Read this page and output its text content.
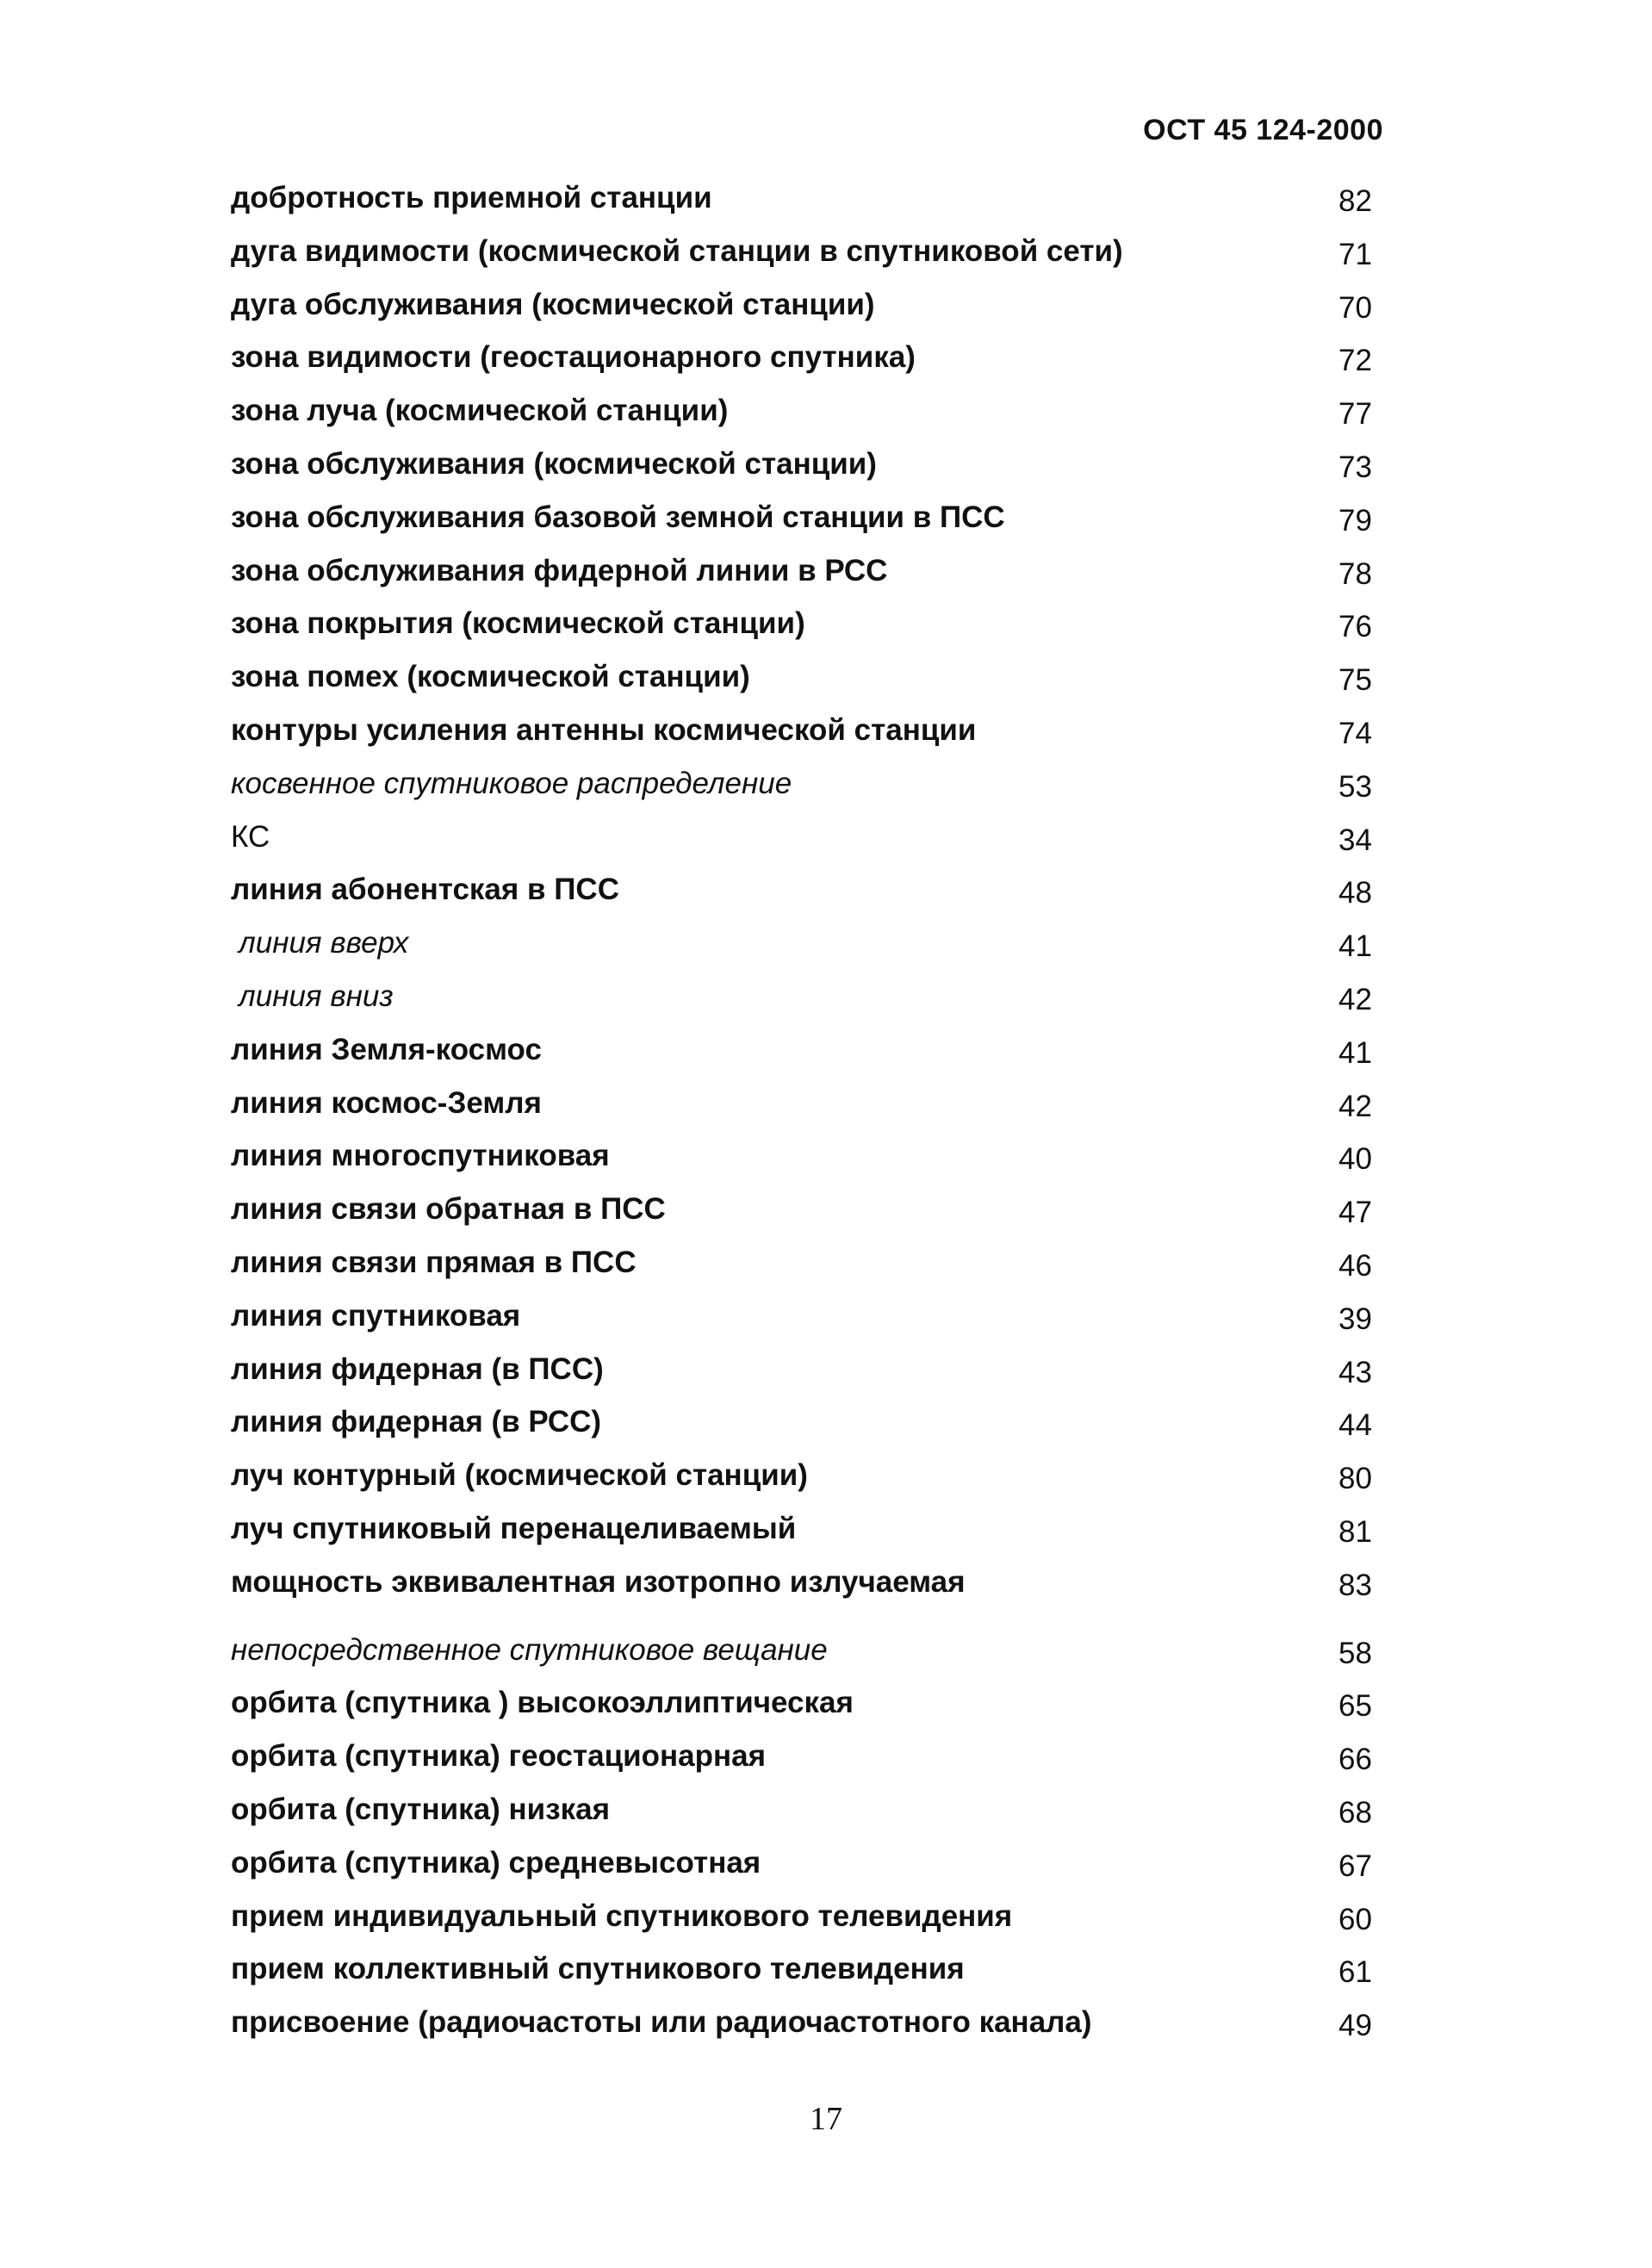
ОСТ 45 124-2000
добротность приемной станции	82
дуга видимости (космической станции в спутниковой сети)	71
дуга обслуживания (космической станции)	70
зона видимости (геостационарного спутника)	72
зона луча (космической станции)	77
зона обслуживания (космической станции)	73
зона обслуживания базовой земной станции в ПСС	79
зона обслуживания фидерной линии в РСС	78
зона покрытия (космической станции)	76
зона помех (космической станции)	75
контуры усиления антенны космической станции	74
косвенное спутниковое распределение	53
КС	34
линия абонентская в ПСС	48
линия вверх	41
линия вниз	42
линия Земля-космос	41
линия космос-Земля	42
линия многоспутниковая	40
линия связи обратная в ПСС	47
линия связи прямая в ПСС	46
линия спутниковая	39
линия фидерная (в ПСС)	43
линия фидерная (в РСС)	44
луч контурный (космической станции)	80
луч спутниковый перенацеливаемый	81
мощность эквивалентная изотропно излучаемая	83
непосредственное спутниковое вещание	58
орбита (спутника ) высокоэллиптическая	65
орбита (спутника) геостационарная	66
орбита (спутника) низкая	68
орбита (спутника) средневысотная	67
прием индивидуальный спутникового телевидения	60
прием коллективный спутникового телевидения	61
присвоение (радиочастоты или радиочастотного канала)	49
17
